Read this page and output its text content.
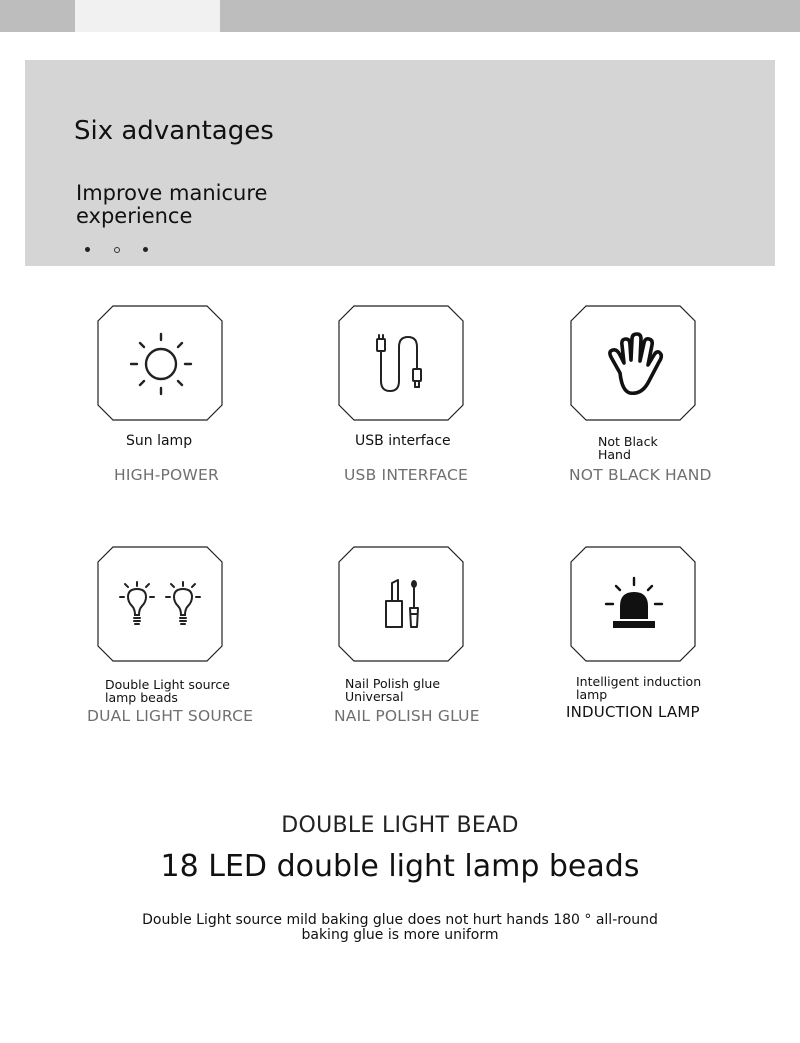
Six advantages
Improve manicure experience
Sun lamp
HIGH-POWER
USB interface
USB INTERFACE
Not Black Hand
NOT BLACK HAND
Double Light source lamp beads
DUAL LIGHT SOURCE
Nail Polish glue Universal
NAIL POLISH GLUE
Intelligent induction lamp
INDUCTION LAMP
DOUBLE LIGHT BEAD
18 LED double light lamp beads
Double Light source mild baking glue does not hurt hands 180 ° all-round baking glue is more uniform
